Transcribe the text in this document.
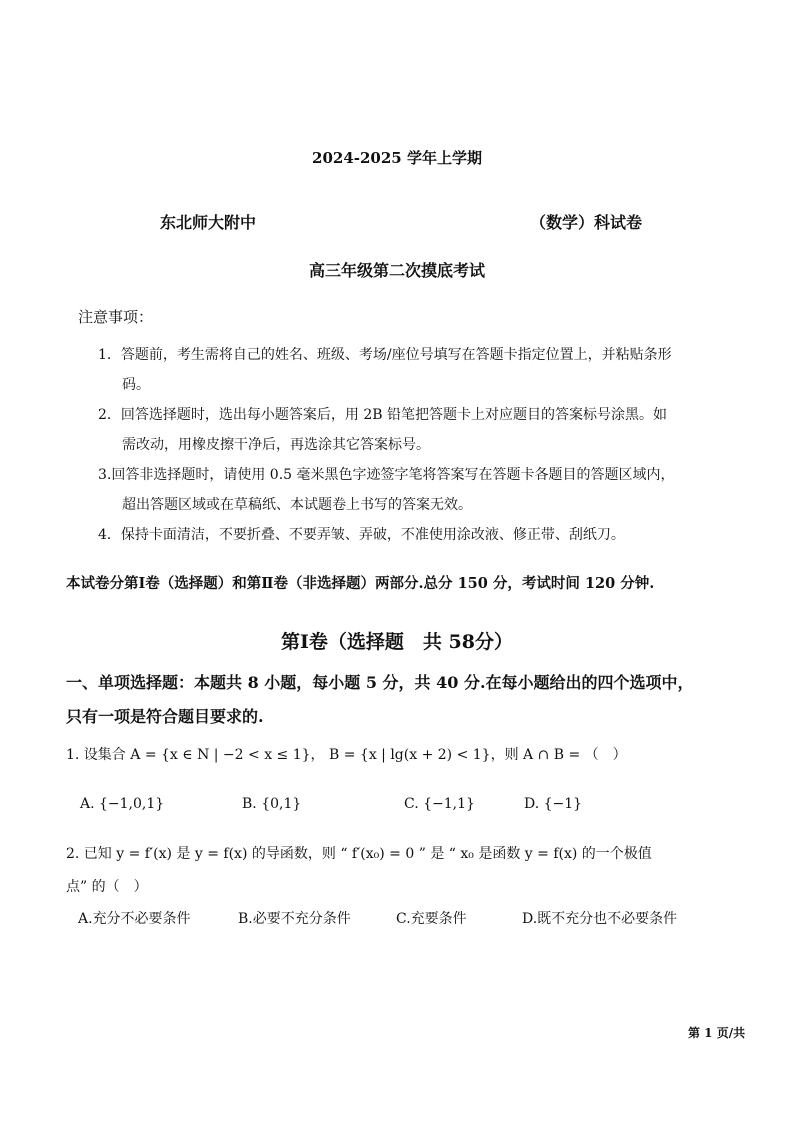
2024-2025 学年上学期
东北师大附中	（数学）科试卷
高三年级第二次摸底考试
注意事项：
1．答题前，考生需将自己的姓名、班级、考场/座位号填写在答题卡指定位置上，并粘贴条形
码。
2．回答选择题时，选出每小题答案后，用 2B 铅笔把答题卡上对应题目的答案标号涂黑。如
需改动，用橡皮擦干净后，再选涂其它答案标号。
3.回答非选择题时，请使用 0.5 毫米黑色字迹签字笔将答案写在答题卡各题目的答题区域内，
超出答题区域或在草稿纸、本试题卷上书写的答案无效。
4．保持卡面清洁，不要折叠、不要弄皱、弄破，不准使用涂改液、修正带、刮纸刀。
本试卷分第Ⅰ卷（选择题）和第Ⅱ卷（非选择题）两部分.总分 150 分，考试时间 120 分钟.
第Ⅰ卷（选择题　共 58分）
一、单项选择题：本题共 8 小题，每小题 5 分，共 40 分.在每小题给出的四个选项中，
只有一项是符合题目要求的.
1. 设集合 A = {x ∈ N | −2 < x ≤ 1}， B = {x | lg(x + 2) < 1}，则 A ∩ B = （　）
A. {−1,0,1}	B. {0,1}	C. {−1,1}	D. {−1}
2. 已知 y = f′(x) 是 y = f(x) 的导函数，则 “ f′(x₀) = 0 ” 是 “ x₀ 是函数 y = f(x) 的一个极值
点” 的（　）
A.充分不必要条件	B.必要不充分条件	C.充要条件	D.既不充分也不必要条件
第 1 页/共
